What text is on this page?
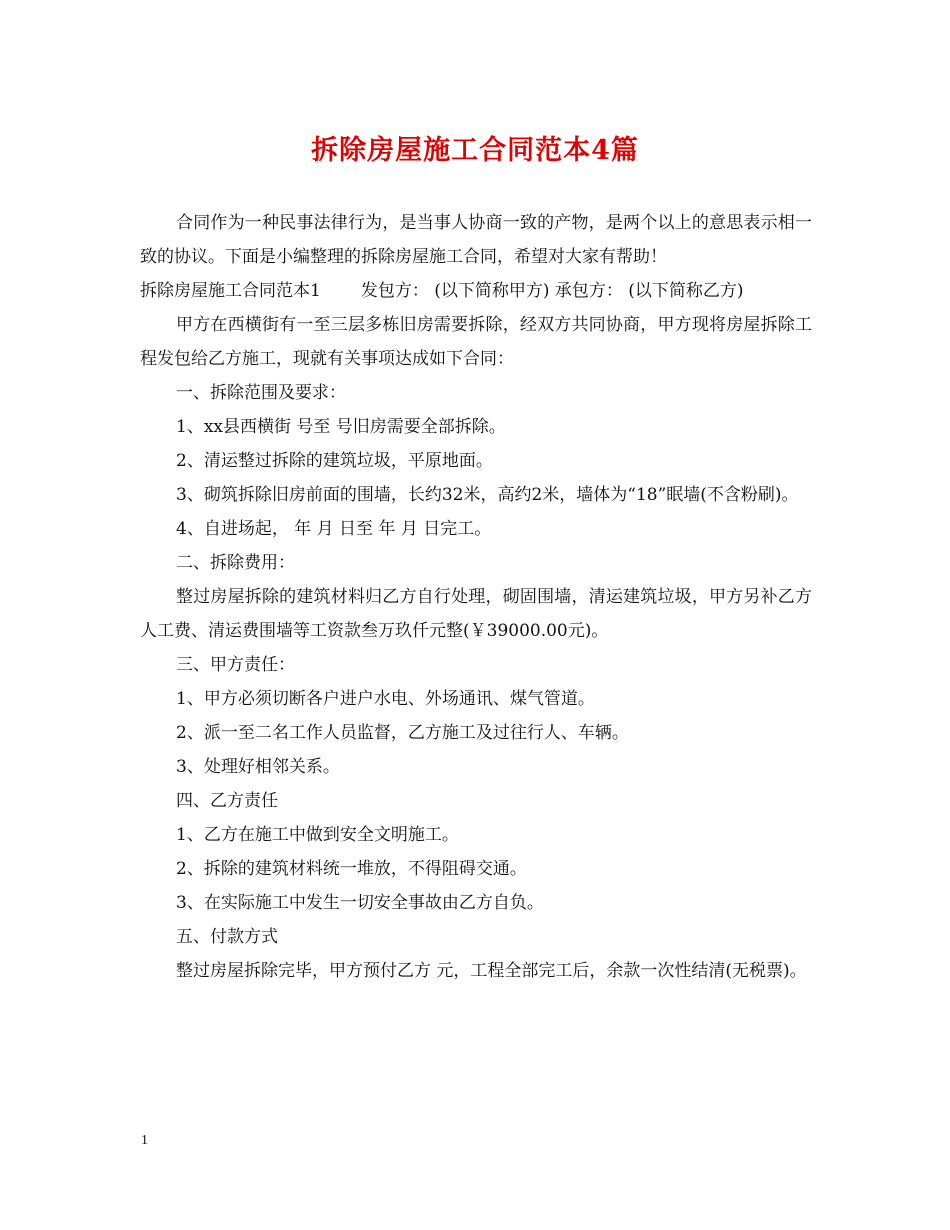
拆除房屋施工合同范本4篇

合同作为一种民事法律行为，是当事人协商一致的产物，是两个以上的意思表示相一致的协议。下面是小编整理的拆除房屋施工合同，希望对大家有帮助！

拆除房屋施工合同范本1 发包方： (以下简称甲方) 承包方： (以下简称乙方)

甲方在西横街有一至三层多栋旧房需要拆除，经双方共同协商，甲方现将房屋拆除工程发包给乙方施工，现就有关事项达成如下合同：

一、拆除范围及要求：

1、xx县西横街 号至 号旧房需要全部拆除。

2、清运整过拆除的建筑垃圾，平原地面。

3、砌筑拆除旧房前面的围墙，长约32米，高约2米，墙体为“18”眠墙(不含粉刷)。

4、自进场起， 年 月 日至 年 月 日完工。

二、拆除费用：

整过房屋拆除的建筑材料归乙方自行处理，砌固围墙，清运建筑垃圾，甲方另补乙方人工费、清运费围墙等工资款叁万玖仟元整(￥39000.00元)。

三、甲方责任：

1、甲方必须切断各户进户水电、外场通讯、煤气管道。

2、派一至二名工作人员监督，乙方施工及过往行人、车辆。

3、处理好相邻关系。

四、乙方责任

1、乙方在施工中做到安全文明施工。

2、拆除的建筑材料统一堆放，不得阻碍交通。

3、在实际施工中发生一切安全事故由乙方自负。

五、付款方式

整过房屋拆除完毕，甲方预付乙方 元，工程全部完工后，余款一次性结清(无税票)。

1
